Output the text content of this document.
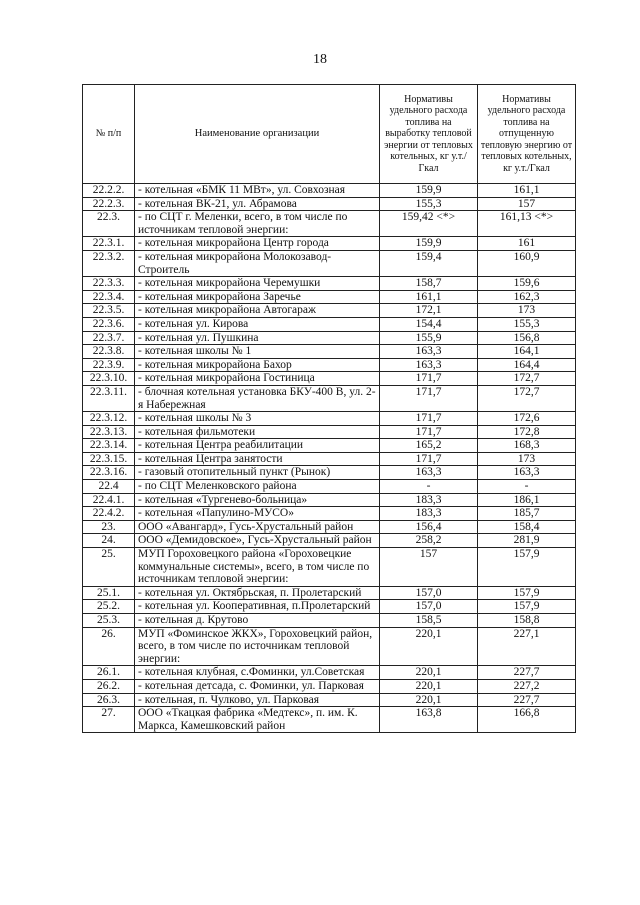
18
№ п/п	Наименование организации	Нормативы удельного расхода топлива на выработку тепловой энергии от тепловых котельных, кг у.т./Гкал	Нормативы удельного расхода топлива на отпущенную тепловую энергию от тепловых котельных, кг у.т./Гкал
22.2.2.	- котельная «БМК 11 МВт», ул. Совхозная	159,9	161,1
22.2.3.	- котельная ВК-21, ул. Абрамова	155,3	157
22.3.	- по СЦТ г. Меленки, всего, в том числе по источникам тепловой энергии:	159,42 <*>	161,13 <*>
22.3.1.	- котельная микрорайона Центр города	159,9	161
22.3.2.	- котельная микрорайона Молокозавод-Строитель	159,4	160,9
22.3.3.	- котельная микрорайона Черемушки	158,7	159,6
22.3.4.	- котельная микрорайона Заречье	161,1	162,3
22.3.5.	- котельная микрорайона Автогараж	172,1	173
22.3.6.	- котельная ул. Кирова	154,4	155,3
22.3.7.	- котельная ул. Пушкина	155,9	156,8
22.3.8.	- котельная школы № 1	163,3	164,1
22.3.9.	- котельная микрорайона Бахор	163,3	164,4
22.3.10.	- котельная микрорайона Гостиница	171,7	172,7
22.3.11.	- блочная котельная установка БКУ-400 В, ул. 2-я Набережная	171,7	172,7
22.3.12.	- котельная школы № 3	171,7	172,6
22.3.13.	- котельная фильмотеки	171,7	172,8
22.3.14.	- котельная Центра реабилитации	165,2	168,3
22.3.15.	- котельная Центра занятости	171,7	173
22.3.16.	- газовый отопительный пункт (Рынок)	163,3	163,3
22.4	- по СЦТ Меленковского района	-	-
22.4.1.	- котельная «Тургенево-больница»	183,3	186,1
22.4.2.	- котельная «Папулино-МУСО»	183,3	185,7
23.	ООО «Авангард», Гусь-Хрустальный район	156,4	158,4
24.	ООО «Демидовское», Гусь-Хрустальный район	258,2	281,9
25.	МУП Гороховецкого района «Гороховецкие коммунальные системы», всего, в том числе по источникам тепловой энергии:	157	157,9
25.1.	- котельная ул. Октябрьская, п. Пролетарский	157,0	157,9
25.2.	- котельная ул. Кооперативная, п.Пролетарский	157,0	157,9
25.3.	- котельная д. Крутово	158,5	158,8
26.	МУП «Фоминское ЖКХ», Гороховецкий район, всего, в том числе по источникам тепловой энергии:	220,1	227,1
26.1.	- котельная клубная, с.Фоминки, ул.Советская	220,1	227,7
26.2.	- котельная детсада, с. Фоминки, ул. Парковая	220,1	227,2
26.3.	- котельная, п. Чулково, ул. Парковая	220,1	227,7
27.	ООО «Ткацкая фабрика «Медтекс», п. им. К. Маркса, Камешковский район	163,8	166,8
